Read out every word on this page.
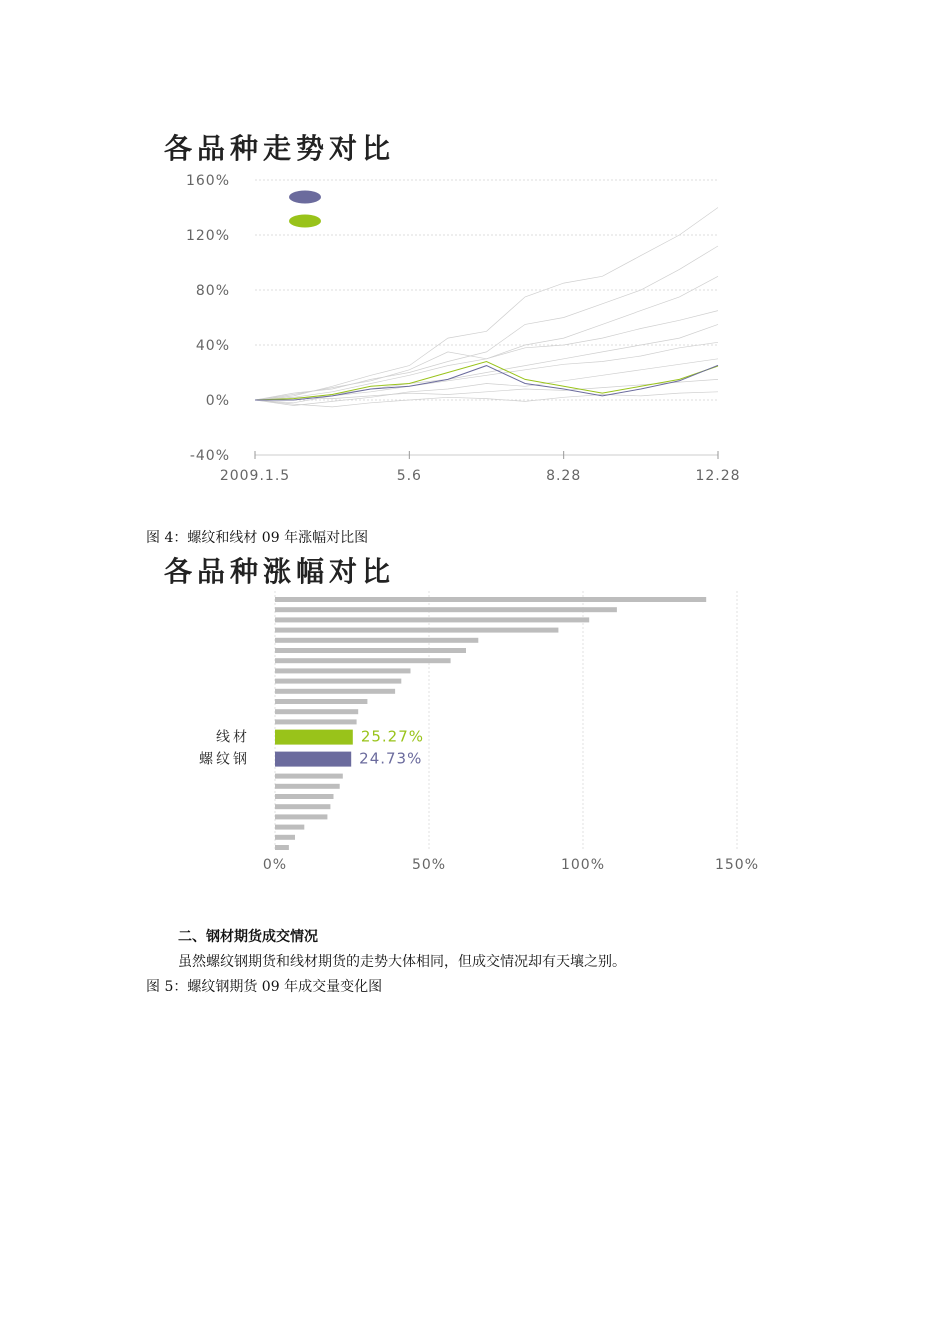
各品种走势对比
160%
120%
80%
40%
0%
-40%
2009.1.5	5.6	8.28	12.28
图 4：螺纹和线材 09 年涨幅对比图
各品种涨幅对比
线材	25.27%
螺纹钢	24.73%
0%	50%	100%	150%
二、钢材期货成交情况
虽然螺纹钢期货和线材期货的走势大体相同，但成交情况却有天壤之别。
图 5：螺纹钢期货 09 年成交量变化图
